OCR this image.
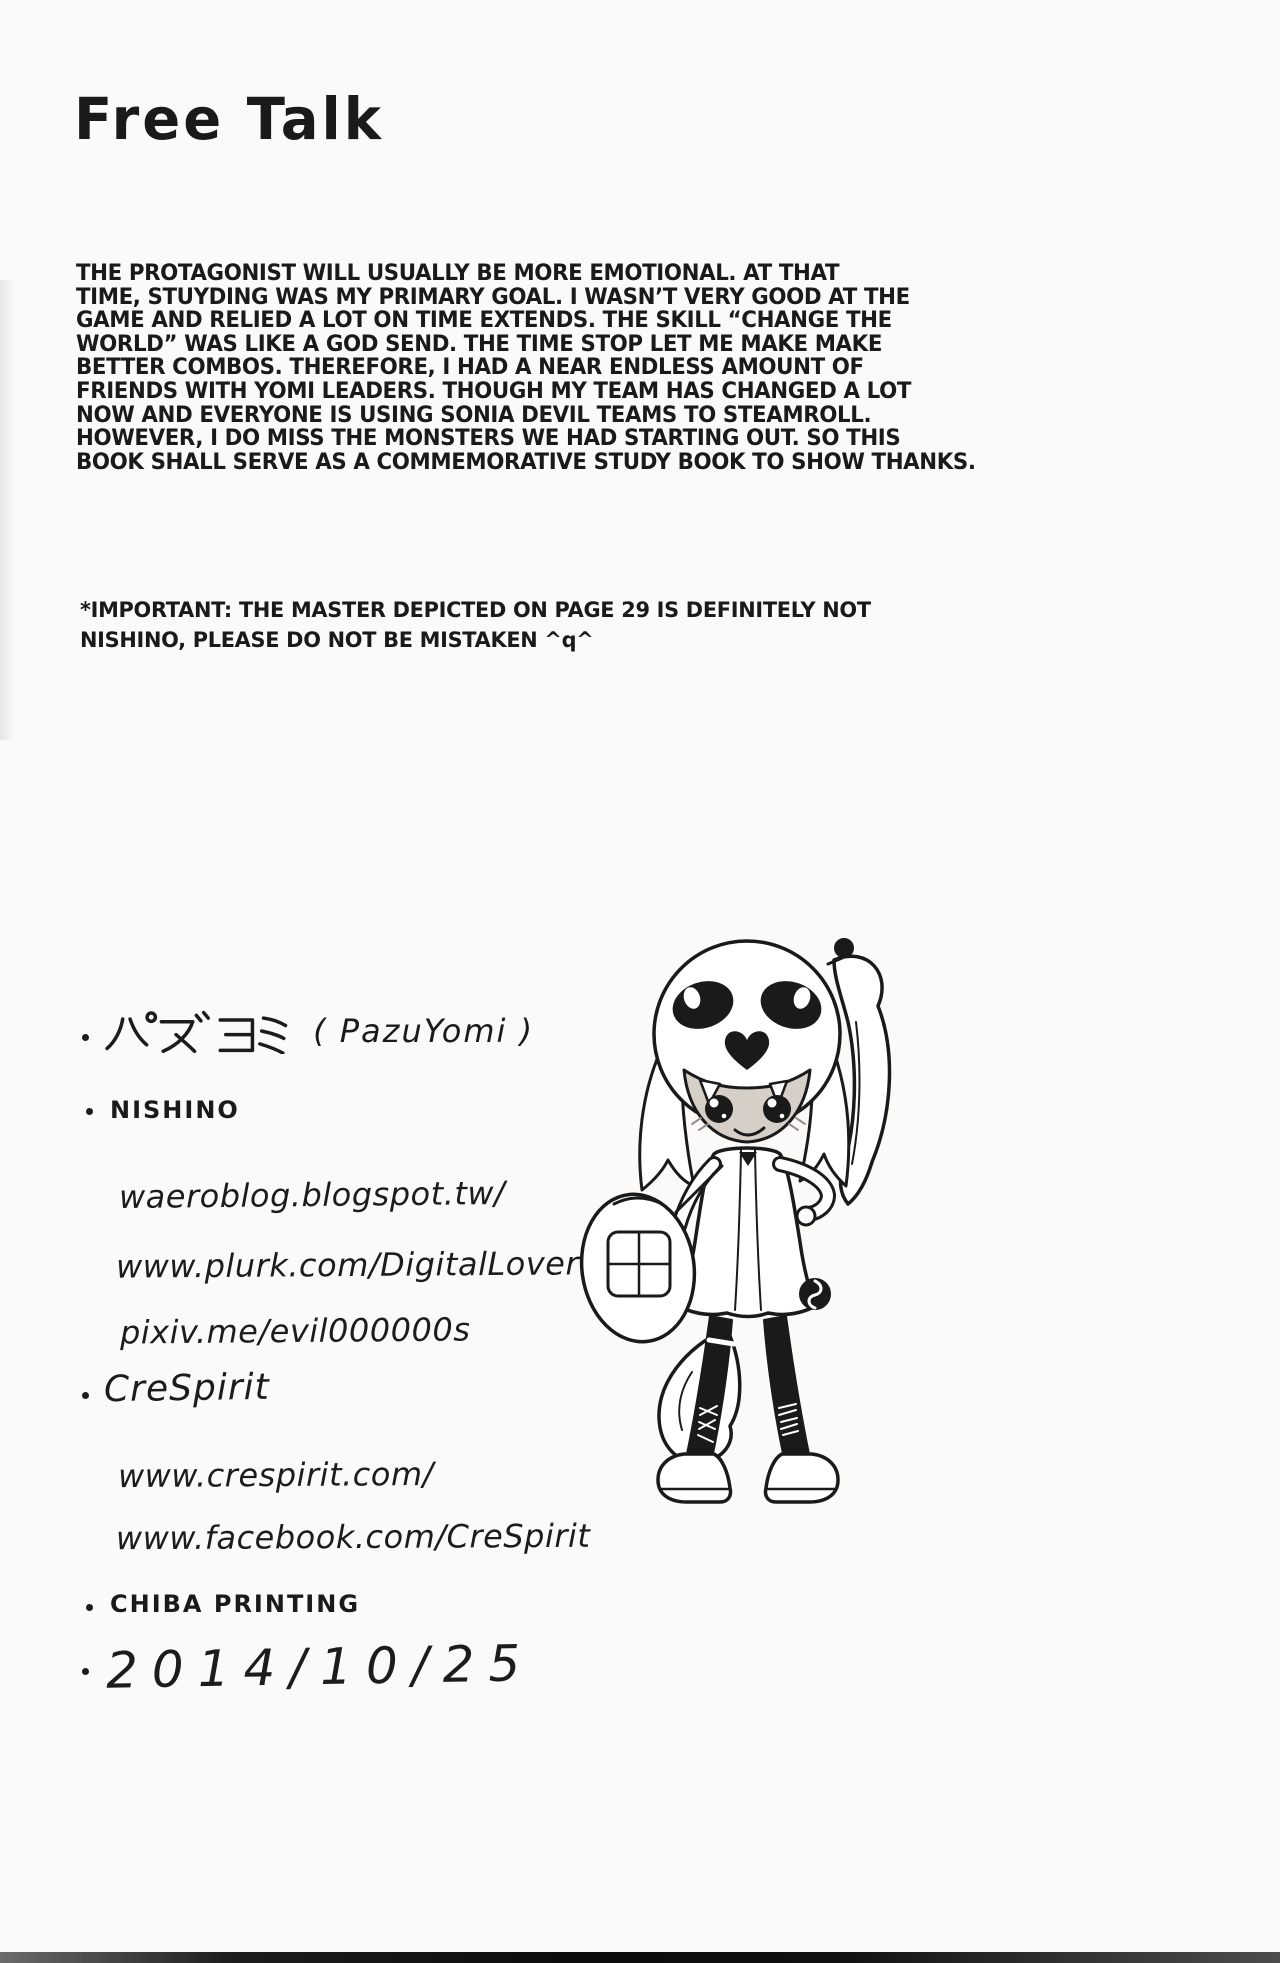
Free Talk
THE PROTAGONIST WILL USUALLY BE MORE EMOTIONAL. AT THAT
TIME, STUYDING WAS MY PRIMARY GOAL. I WASN’T VERY GOOD AT THE
GAME AND RELIED A LOT ON TIME EXTENDS. THE SKILL “CHANGE THE
WORLD” WAS LIKE A GOD SEND. THE TIME STOP LET ME MAKE MAKE
BETTER COMBOS. THEREFORE, I HAD A NEAR ENDLESS AMOUNT OF
FRIENDS WITH YOMI LEADERS. THOUGH MY TEAM HAS CHANGED A LOT
NOW AND EVERYONE IS USING SONIA DEVIL TEAMS TO STEAMROLL.
HOWEVER, I DO MISS THE MONSTERS WE HAD STARTING OUT. SO THIS
BOOK SHALL SERVE AS A COMMEMORATIVE STUDY BOOK TO SHOW THANKS.
*IMPORTANT: THE MASTER DEPICTED ON PAGE 29 IS DEFINITELY NOT
NISHINO, PLEASE DO NOT BE MISTAKEN ^q^
( PazuYomi )
NISHINO
waeroblog.blogspot.tw/
www.plurk.com/DigitalLover
pixiv.me/evil000000s
CreSpirit
www.crespirit.com/
www.facebook.com/CreSpirit
CHIBA PRINTING
2014/10/25
